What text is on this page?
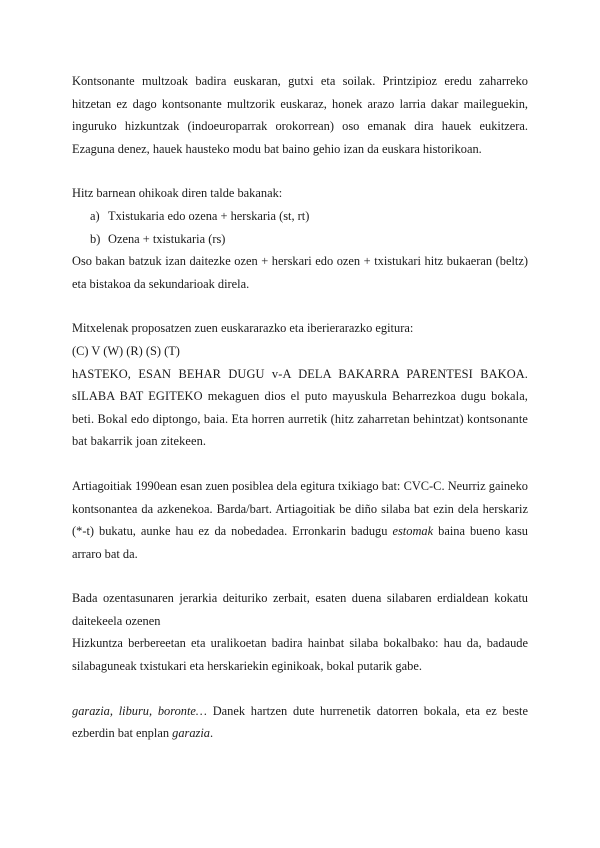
Kontsonante multzoak badira euskaran, gutxi eta soilak. Printzipioz eredu zaharreko hitzetan ez dago kontsonante multzorik euskaraz, honek arazo larria dakar maileguekin, inguruko hizkuntzak (indoeuroparrak orokorrean) oso emanak dira hauek eukitzera. Ezaguna denez, hauek hausteko modu bat baino gehio izan da euskara historikoan.

Hitz barnean ohikoak diren talde bakanak:

a) Txistukaria edo ozena + herskaria (st, rt)
b) Ozena + txistukaria (rs)

Oso bakan batzuk izan daitezke ozen + herskari edo ozen + txistukari hitz bukaeran (beltz) eta bistakoa da sekundarioak direla.

Mitxelenak proposatzen zuen euskararazko eta iberierarazko egitura:

(C) V (W) (R) (S) (T)

hASTEKO, ESAN BEHAR DUGU v-A DELA BAKARRA PARENTESI BAKOA. sILABA BAT EGITEKO mekaguen dios el puto mayuskula Beharrezkoa dugu bokala, beti. Bokal edo diptongo, baia. Eta horren aurretik (hitz zaharretan behintzat) kontsonante bat bakarrik joan zitekeen.

Artiagoitiak 1990ean esan zuen posiblea dela egitura txikiago bat: CVC-C. Neurriz gaineko kontsonantea da azkenekoa. Barda/bart. Artiagoitiak be diño silaba bat ezin dela herskariz (*-t) bukatu, aunke hau ez da nobedadea. Erronkarin badugu estomak baina bueno kasu arraro bat da.

Bada ozentasunaren jerarkia deituriko zerbait, esaten duena silabaren erdialdean kokatu daitekeela ozenen

Hizkuntza berbereetan eta uralikoetan badira hainbat silaba bokalbako: hau da, badaude silabaguneak txistukari eta herskariekin eginikoak, bokal putarik gabe.

garazia, liburu, boronte… Danek hartzen dute hurrenetik datorren bokala, eta ez beste ezberdin bat enplan garazia.
